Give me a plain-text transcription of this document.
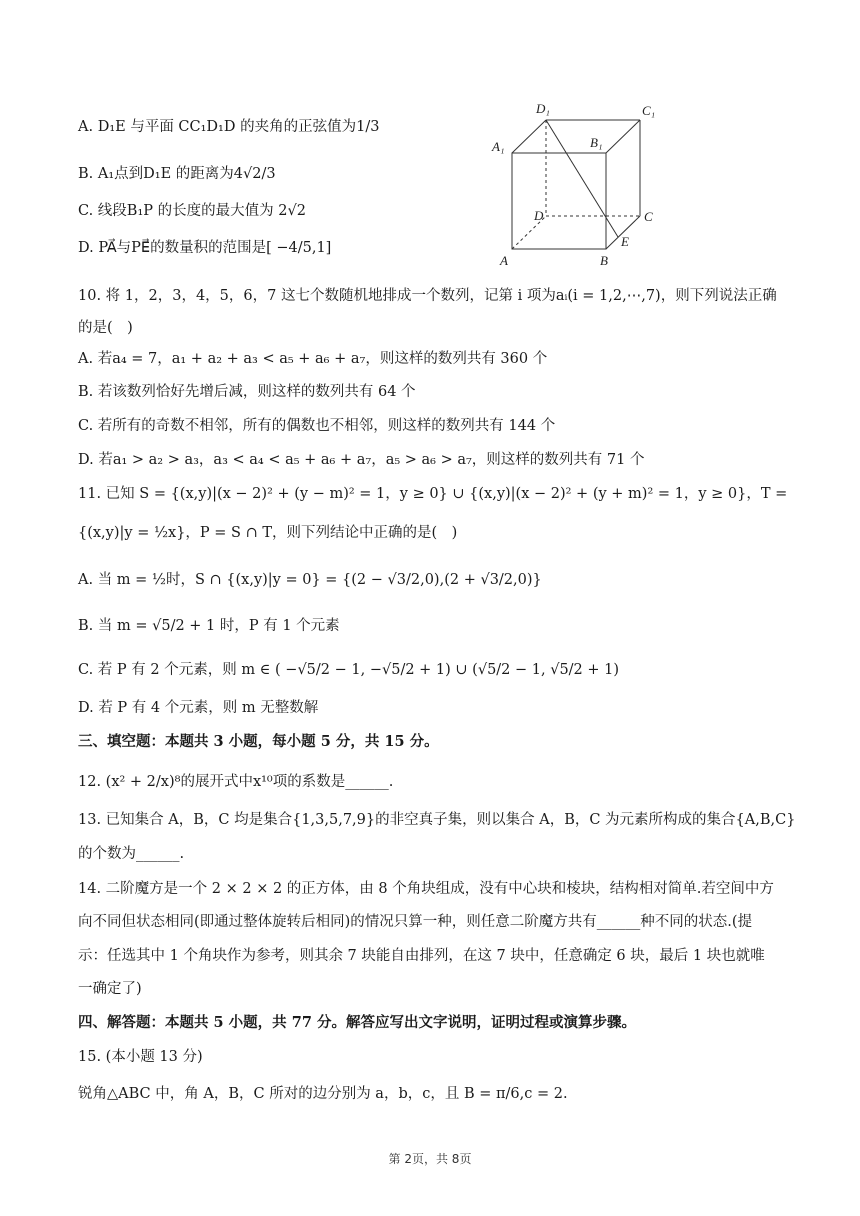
A. D₁E 与平面 CC₁D₁D 的夹角的正弦值为1/3
B. A₁点到D₁E 的距离为4√2/3
C. 线段B₁P 的长度的最大值为 2√2
D. PA⃗与PE⃗的数量积的范围是[ −4/5,1]
D₁	C₁
A₁	B₁
D	C
A	B
E
10. 将 1，2，3，4，5，6，7 这七个数随机地排成一个数列，记第 i 项为aᵢ(i = 1,2,⋯,7)，则下列说法正确
的是(　)
A. 若a₄ = 7，a₁ + a₂ + a₃ < a₅ + a₆ + a₇，则这样的数列共有 360 个
B. 若该数列恰好先增后减，则这样的数列共有 64 个
C. 若所有的奇数不相邻，所有的偶数也不相邻，则这样的数列共有 144 个
D. 若a₁ > a₂ > a₃，a₃ < a₄ < a₅ + a₆ + a₇，a₅ > a₆ > a₇，则这样的数列共有 71 个
11. 已知 S = {(x,y)|(x − 2)² + (y − m)² = 1，y ≥ 0} ∪ {(x,y)|(x − 2)² + (y + m)² = 1，y ≥ 0}，T =
{(x,y)|y = ½x}，P = S ∩ T，则下列结论中正确的是(　)
A. 当 m = ½时，S ∩ {(x,y)|y = 0} = {(2 − √3/2,0),(2 + √3/2,0)}
B. 当 m = √5/2 + 1 时，P 有 1 个元素
C. 若 P 有 2 个元素，则 m ∈ ( −√5/2 − 1, −√5/2 + 1) ∪ (√5/2 − 1, √5/2 + 1)
D. 若 P 有 4 个元素，则 m 无整数解
三、填空题：本题共 3 小题，每小题 5 分，共 15 分。
12. (x² + 2/x)⁸的展开式中x¹⁰项的系数是______.
13. 已知集合 A，B，C 均是集合{1,3,5,7,9}的非空真子集，则以集合 A，B，C 为元素所构成的集合{A,B,C}
的个数为______.
14. 二阶魔方是一个 2 × 2 × 2 的正方体，由 8 个角块组成，没有中心块和棱块，结构相对简单.若空间中方
向不同但状态相同(即通过整体旋转后相同)的情况只算一种，则任意二阶魔方共有______种不同的状态.(提
示：任选其中 1 个角块作为参考，则其余 7 块能自由排列，在这 7 块中，任意确定 6 块，最后 1 块也就唯
一确定了)
四、解答题：本题共 5 小题，共 77 分。解答应写出文字说明，证明过程或演算步骤。
15. (本小题 13 分)
锐角△ABC 中，角 A，B，C 所对的边分别为 a，b，c，且 B = π/6,c = 2.
第 2页，共 8页
